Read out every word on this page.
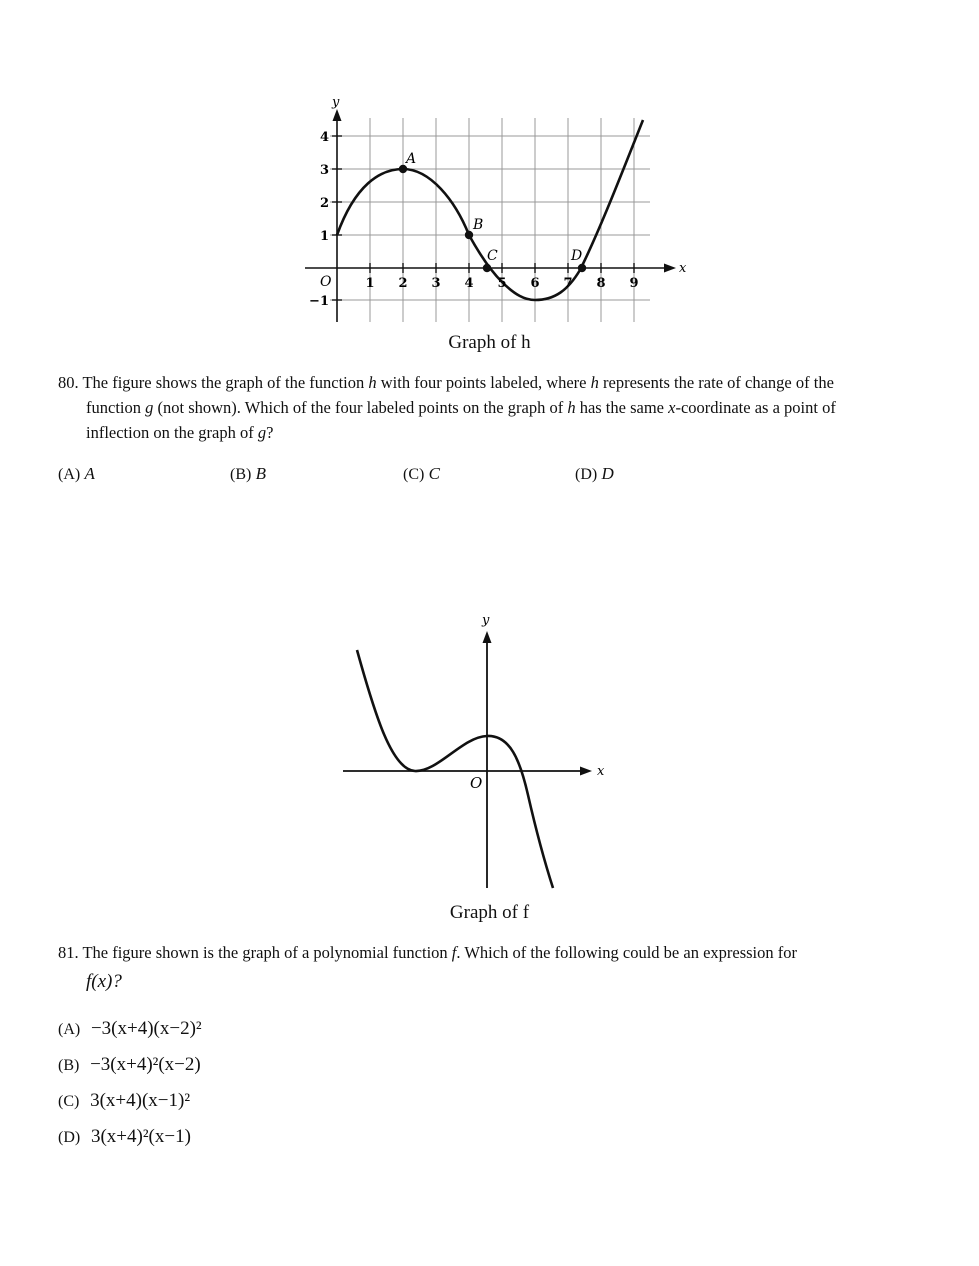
y
x
O	1 2 3 4 5 6 7 8 9
4
3
2
1
−1
A
B
C	D
Graph of h
80. The figure shows the graph of the function h with four points labeled, where h represents the rate of change of the
function g (not shown). Which of the four labeled points on the graph of h has the same x-coordinate as a point of
inflection on the graph of g?
(A) A	(B) B	(C) C	(D) D
y
x
O
Graph of f
81. The figure shown is the graph of a polynomial function f. Which of the following could be an expression for
f(x)?
(A) −3(x+4)(x−2)²
(B) −3(x+4)²(x−2)
(C) 3(x+4)(x−1)²
(D) 3(x+4)²(x−1)
